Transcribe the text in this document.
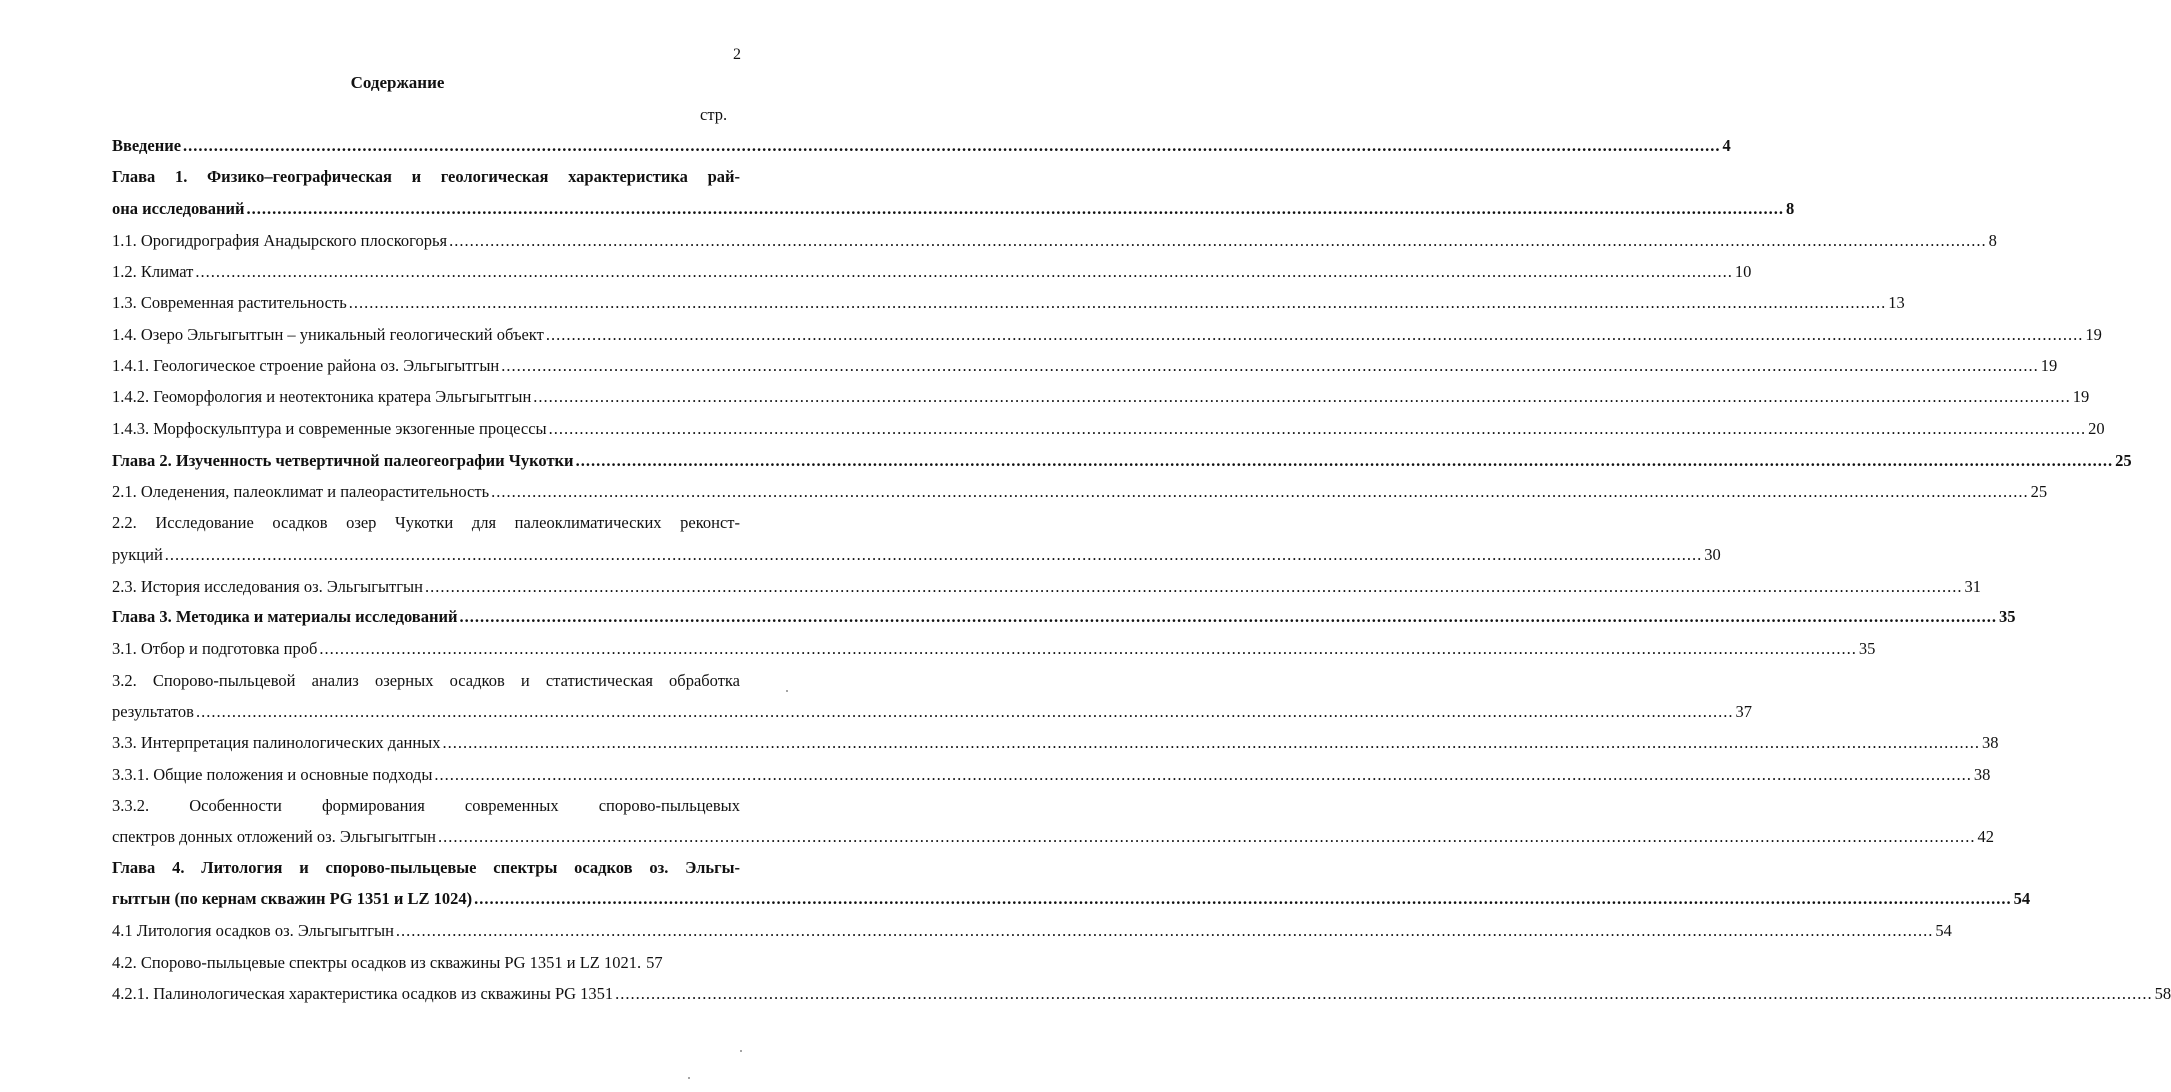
2
Содержание
стр.
Введение ............................................................................................................................................................................................................................................................................................................ 4
Глава 1. Физико–географическая и геологическая характеристика рай-
она исследований ............................................................................................................................................................................................................................................................................................................ 8
1.1. Орогидрография Анадырского плоскогорья ............................................................................................................................................................................................................................................................................................................ 8
1.2. Климат ............................................................................................................................................................................................................................................................................................................ 10
1.3. Современная растительность ............................................................................................................................................................................................................................................................................................................ 13
1.4. Озеро Эльгыгытгын – уникальный геологический объект ............................................................................................................................................................................................................................................................................................................ 19
1.4.1. Геологическое строение района оз. Эльгыгытгын ............................................................................................................................................................................................................................................................................................................ 19
1.4.2. Геоморфология и неотектоника кратера Эльгыгытгын ............................................................................................................................................................................................................................................................................................................ 19
1.4.3. Морфоскульптура и современные экзогенные процессы ............................................................................................................................................................................................................................................................................................................ 20
Глава 2. Изученность четвертичной палеогеографии Чукотки ............................................................................................................................................................................................................................................................................................................ 25
2.1. Оледенения, палеоклимат и палеорастительность ............................................................................................................................................................................................................................................................................................................ 25
2.2. Исследование осадков озер Чукотки для палеоклиматических реконст-
рукций ............................................................................................................................................................................................................................................................................................................ 30
2.3. История исследования оз. Эльгыгытгын ............................................................................................................................................................................................................................................................................................................ 31
Глава 3. Методика и материалы исследований ............................................................................................................................................................................................................................................................................................................ 35
3.1. Отбор и подготовка проб ............................................................................................................................................................................................................................................................................................................ 35
3.2. Спорово-пыльцевой анализ озерных осадков и статистическая обработка
результатов ............................................................................................................................................................................................................................................................................................................ 37
3.3. Интерпретация палинологических данных ............................................................................................................................................................................................................................................................................................................ 38
3.3.1. Общие положения и основные подходы ............................................................................................................................................................................................................................................................................................................ 38
3.3.2. Особенности формирования современных спорово-пыльцевых
спектров донных отложений оз. Эльгыгытгын ............................................................................................................................................................................................................................................................................................................ 42
Глава 4. Литология и спорово-пыльцевые спектры осадков оз. Эльгы-
гытгын (по кернам скважин PG 1351 и LZ 1024) ............................................................................................................................................................................................................................................................................................................ 54
4.1 Литология осадков оз. Эльгыгытгын ............................................................................................................................................................................................................................................................................................................ 54
4.2. Спорово-пыльцевые спектры осадков из скважины PG 1351 и LZ 1021. 57
4.2.1. Палинологическая характеристика осадков из скважины PG 1351 ............................................................................................................................................................................................................................................................................................................ 58
